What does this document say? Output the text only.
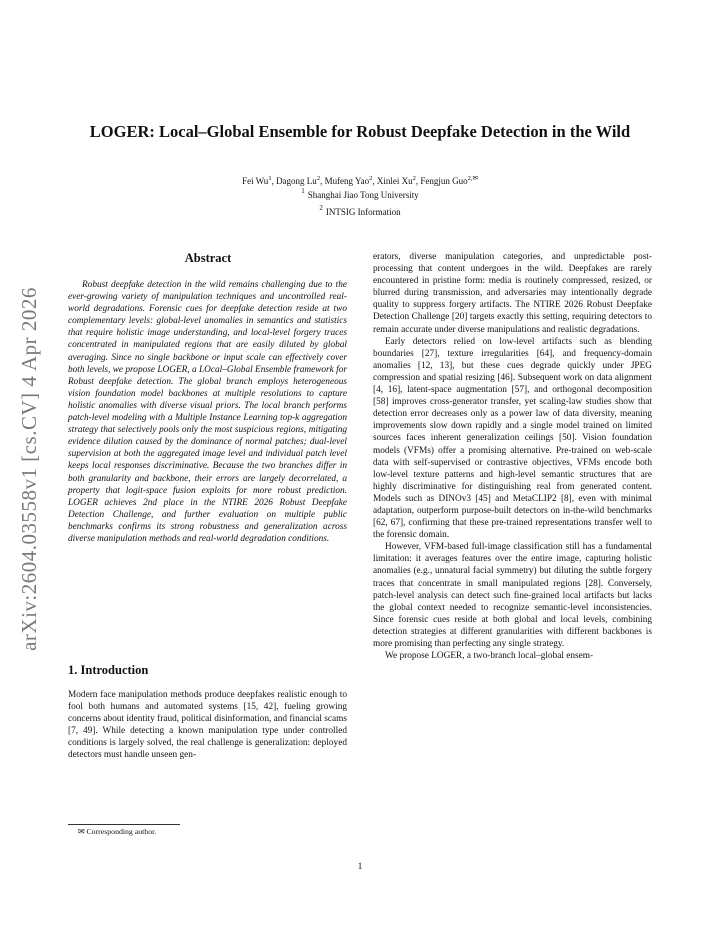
arXiv:2604.03558v1 [cs.CV] 4 Apr 2026
LOGER: Local–Global Ensemble for Robust Deepfake Detection in the Wild
Fei Wu$^1$, Dagong Lu$^2$, Mufeng Yao$^2$, Xinlei Xu$^2$, Fengjun Guo$^{2,✉}$
$^1$ Shanghai Jiao Tong University
$^2$ INTSIG Information
Abstract

Robust deepfake detection in the wild remains challenging due to the ever-growing variety of manipulation techniques and uncontrolled real-world degradations. Forensic cues for deepfake detection reside at two complementary levels: global-level anomalies in semantics and statistics that require holistic image understanding, and local-level forgery traces concentrated in manipulated regions that are easily diluted by global averaging. Since no single backbone or input scale can effectively cover both levels, we propose LOGER, a LOcal–Global Ensemble framework for Robust deepfake detection. The global branch employs heterogeneous vision foundation model backbones at multiple resolutions to capture holistic anomalies with diverse visual priors. The local branch performs patch-level modeling with a Multiple Instance Learning top-k aggregation strategy that selectively pools only the most suspicious regions, mitigating evidence dilution caused by the dominance of normal patches; dual-level supervision at both the aggregated image level and individual patch level keeps local responses discriminative. Because the two branches differ in both granularity and backbone, their errors are largely decorrelated, a property that logit-space fusion exploits for more robust prediction. LOGER achieves 2nd place in the NTIRE 2026 Robust Deepfake Detection Challenge, and further evaluation on multiple public benchmarks confirms its strong robustness and generalization across diverse manipulation methods and real-world degradation conditions.

1. Introduction

Modern face manipulation methods produce deepfakes realistic enough to fool both humans and automated systems [15, 42], fueling growing concerns about identity fraud, political disinformation, and financial scams [7, 49]. While detecting a known manipulation type under controlled conditions is largely solved, the real challenge is generalization: deployed detectors must handle unseen gen-

✉ Corresponding author.

erators, diverse manipulation categories, and unpredictable post-processing that content undergoes in the wild. Deepfakes are rarely encountered in pristine form: media is routinely compressed, resized, or blurred during transmission, and adversaries may intentionally degrade quality to suppress forgery artifacts. The NTIRE 2026 Robust Deepfake Detection Challenge [20] targets exactly this setting, requiring detectors to remain accurate under diverse manipulations and realistic degradations.

Early detectors relied on low-level artifacts such as blending boundaries [27], texture irregularities [64], and frequency-domain anomalies [12, 13], but these cues degrade quickly under JPEG compression and spatial resizing [46]. Subsequent work on data alignment [4, 16], latent-space augmentation [57], and orthogonal decomposition [58] improves cross-generator transfer, yet scaling-law studies show that detection error decreases only as a power law of data diversity, meaning improvements slow down rapidly and a single model trained on limited sources faces inherent generalization ceilings [50]. Vision foundation models (VFMs) offer a promising alternative. Pre-trained on web-scale data with self-supervised or contrastive objectives, VFMs encode both low-level texture patterns and high-level semantic structures that are highly discriminative for distinguishing real from generated content. Models such as DINOv3 [45] and MetaCLIP2 [8], even with minimal adaptation, outperform purpose-built detectors on in-the-wild benchmarks [62, 67], confirming that these pre-trained representations transfer well to the forensic domain.

However, VFM-based full-image classification still has a fundamental limitation: it averages features over the entire image, capturing holistic anomalies (e.g., unnatural facial symmetry) but diluting the subtle forgery traces that concentrate in small manipulated regions [28]. Conversely, patch-level analysis can detect such fine-grained local artifacts but lacks the global context needed to recognize semantic-level inconsistencies. Since forensic cues reside at both global and local levels, combining detection strategies at different granularities with different backbones is more promising than perfecting any single strategy.

We propose LOGER, a two-branch local–global ensem-

1
